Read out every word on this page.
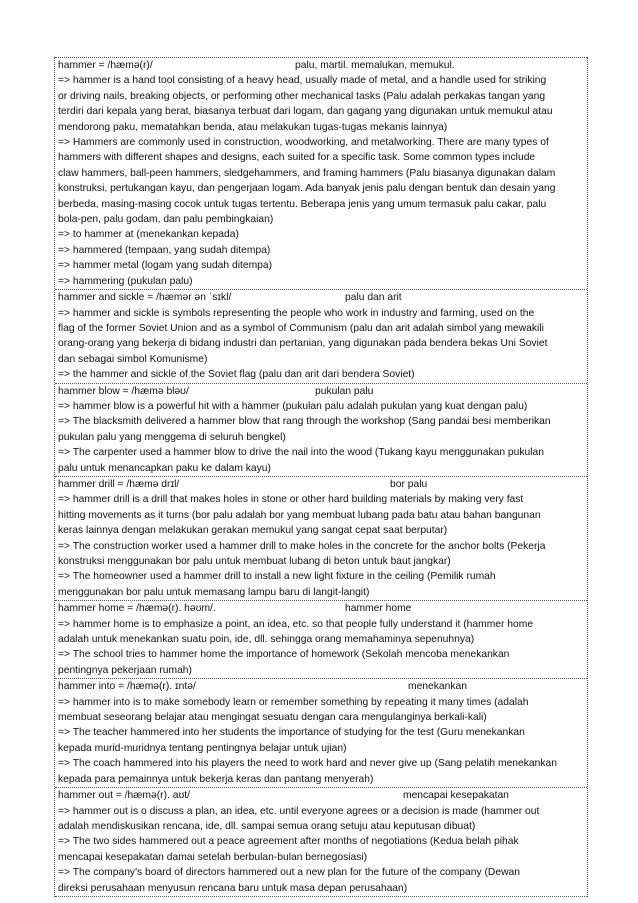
hammer = /hæmə(r)/	palu, martil. memalukan, memukul.
=> hammer is a hand tool consisting of a heavy head, usually made of metal, and a handle used for striking
or driving nails, breaking objects, or performing other mechanical tasks (Palu adalah perkakas tangan yang
terdiri dari kepala yang berat, biasanya terbuat dari logam, dan gagang yang digunakan untuk memukul atau
mendorong paku, mematahkan benda, atau melakukan tugas-tugas mekanis lainnya)
=> Hammers are commonly used in construction, woodworking, and metalworking. There are many types of
hammers with different shapes and designs, each suited for a specific task. Some common types include
claw hammers, ball-peen hammers, sledgehammers, and framing hammers (Palu biasanya digunakan dalam
konstruksi, pertukangan kayu, dan pengerjaan logam. Ada banyak jenis palu dengan bentuk dan desain yang
berbeda, masing-masing cocok untuk tugas tertentu. Beberapa jenis yang umum termasuk palu cakar, palu
bola-pen, palu godam, dan palu pembingkaian)
=> to hammer at (menekankan kepada)
=> hammered (tempaan, yang sudah ditempa)
=> hammer metal (logam yang sudah ditempa)
=> hammering (pukulan palu)
hammer and sickle = /hæmər ən ˈsɪkl/	palu dan arit
=> hammer and sickle is symbols representing the people who work in industry and farming, used on the
flag of the former Soviet Union and as a symbol of Communism (palu dan arit adalah simbol yang mewakili
orang-orang yang bekerja di bidang industri dan pertanian, yang digunakan pada bendera bekas Uni Soviet
dan sebagai simbol Komunisme)
=> the hammer and sickle of the Soviet flag (palu dan arit dari bendera Soviet)
hammer blow = /hæmə bləʊ/	pukulan palu
=> hammer blow is a powerful hit with a hammer (pukulan palu adalah pukulan yang kuat dengan palu)
=> The blacksmith delivered a hammer blow that rang through the workshop (Sang pandai besi memberikan
pukulan palu yang menggema di seluruh bengkel)
=> The carpenter used a hammer blow to drive the nail into the wood (Tukang kayu menggunakan pukulan
palu untuk menancapkan paku ke dalam kayu)
hammer drill = /hæmə drɪl/	bor palu
=> hammer drill is a drill that makes holes in stone or other hard building materials by making very fast
hitting movements as it turns (bor palu adalah bor yang membuat lubang pada batu atau bahan bangunan
keras lainnya dengan melakukan gerakan memukul yang sangat cepat saat berputar)
=> The construction worker used a hammer drill to make holes in the concrete for the anchor bolts (Pekerja
konstruksi menggunakan bor palu untuk membuat lubang di beton untuk baut jangkar)
=> The homeowner used a hammer drill to install a new light fixture in the ceiling (Pemilik rumah
menggunakan bor palu untuk memasang lampu baru di langit-langit)
hammer home = /hæmə(r). həʊm/.	hammer home
=> hammer home is to emphasize a point, an idea, etc. so that people fully understand it (hammer home
adalah untuk menekankan suatu poin, ide, dll. sehingga orang memahaminya sepenuhnya)
=> The school tries to hammer home the importance of homework (Sekolah mencoba menekankan
pentingnya pekerjaan rumah)
hammer into = /hæmə(r). ɪntə/	menekankan
=> hammer into is to make somebody learn or remember something by repeating it many times (adalah
membuat seseorang belajar atau mengingat sesuatu dengan cara mengulanginya berkali-kali)
=> The teacher hammered into her students the importance of studying for the test (Guru menekankan
kepada murid-muridnya tentang pentingnya belajar untuk ujian)
=> The coach hammered into his players the need to work hard and never give up (Sang pelatih menekankan
kepada para pemainnya untuk bekerja keras dan pantang menyerah)
hammer out = /hæmə(r). aʊt/	mencapai kesepakatan
=> hammer out is o discuss a plan, an idea, etc. until everyone agrees or a decision is made (hammer out
adalah mendiskusikan rencana, ide, dll. sampai semua orang setuju atau keputusan dibuat)
=> The two sides hammered out a peace agreement after months of negotiations (Kedua belah pihak
mencapai kesepakatan damai setelah berbulan-bulan bernegosiasi)
=> The company's board of directors hammered out a new plan for the future of the company (Dewan
direksi perusahaan menyusun rencana baru untuk masa depan perusahaan)
